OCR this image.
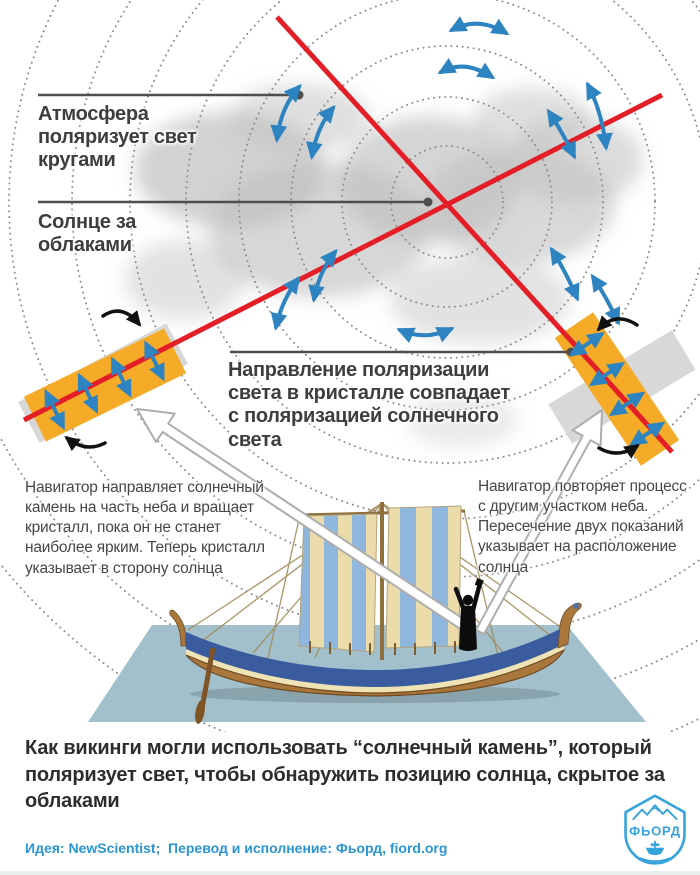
Атмосфера поляризует свет кругами
Солнце за облаками
Направление поляризации света в кристалле совпадает с поляризацией солнечного света
Навигатор направляет солнечный камень на часть неба и вращает кристалл, пока он не станет наиболее ярким. Теперь кристалл указывает в сторону солнца
Навигатор повторяет процесс с другим участком неба. Пересечение двух показаний указывает на расположение солнца
Как викинги могли использовать “солнечный камень”, который поляризует свет, чтобы обнаружить позицию солнца, скрытое за облаками
Идея: NewScientist;  Перевод и исполнение: Фьорд, fiord.org
ФЬОРД
